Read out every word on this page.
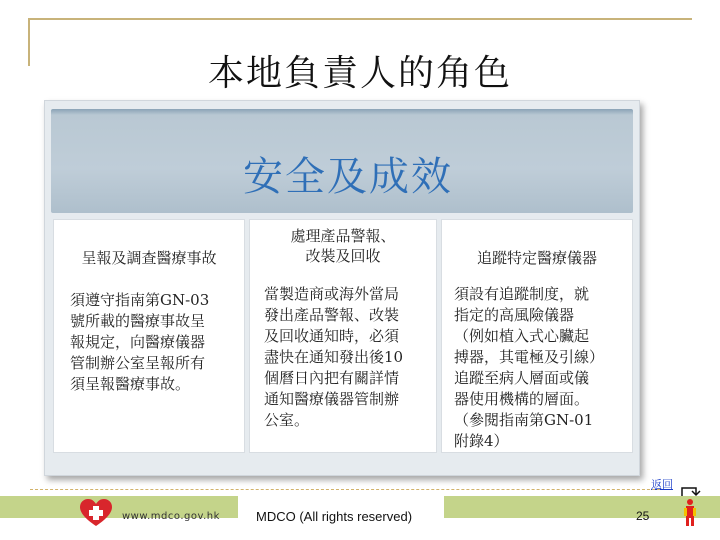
本地負責人的角色
安全及成效
呈報及調查醫療事故
須遵守指南第GN-03
號所載的醫療事故呈
報規定，向醫療儀器
管制辦公室呈報所有
須呈報醫療事故。
處理產品警報、
改裝及回收
當製造商或海外當局
發出產品警報、改裝
及回收通知時，必須
盡快在通知發出後10
個曆日內把有關詳情
通知醫療儀器管制辦
公室。
追蹤特定醫療儀器
須設有追蹤制度，就
指定的高風險儀器
（例如植入式心臟起
搏器，其電極及引線）
追蹤至病人層面或儀
器使用機構的層面。
（參閱指南第GN-01
附錄4）
返回
www.mdco.gov.hk	MDCO (All rights reserved)	25
